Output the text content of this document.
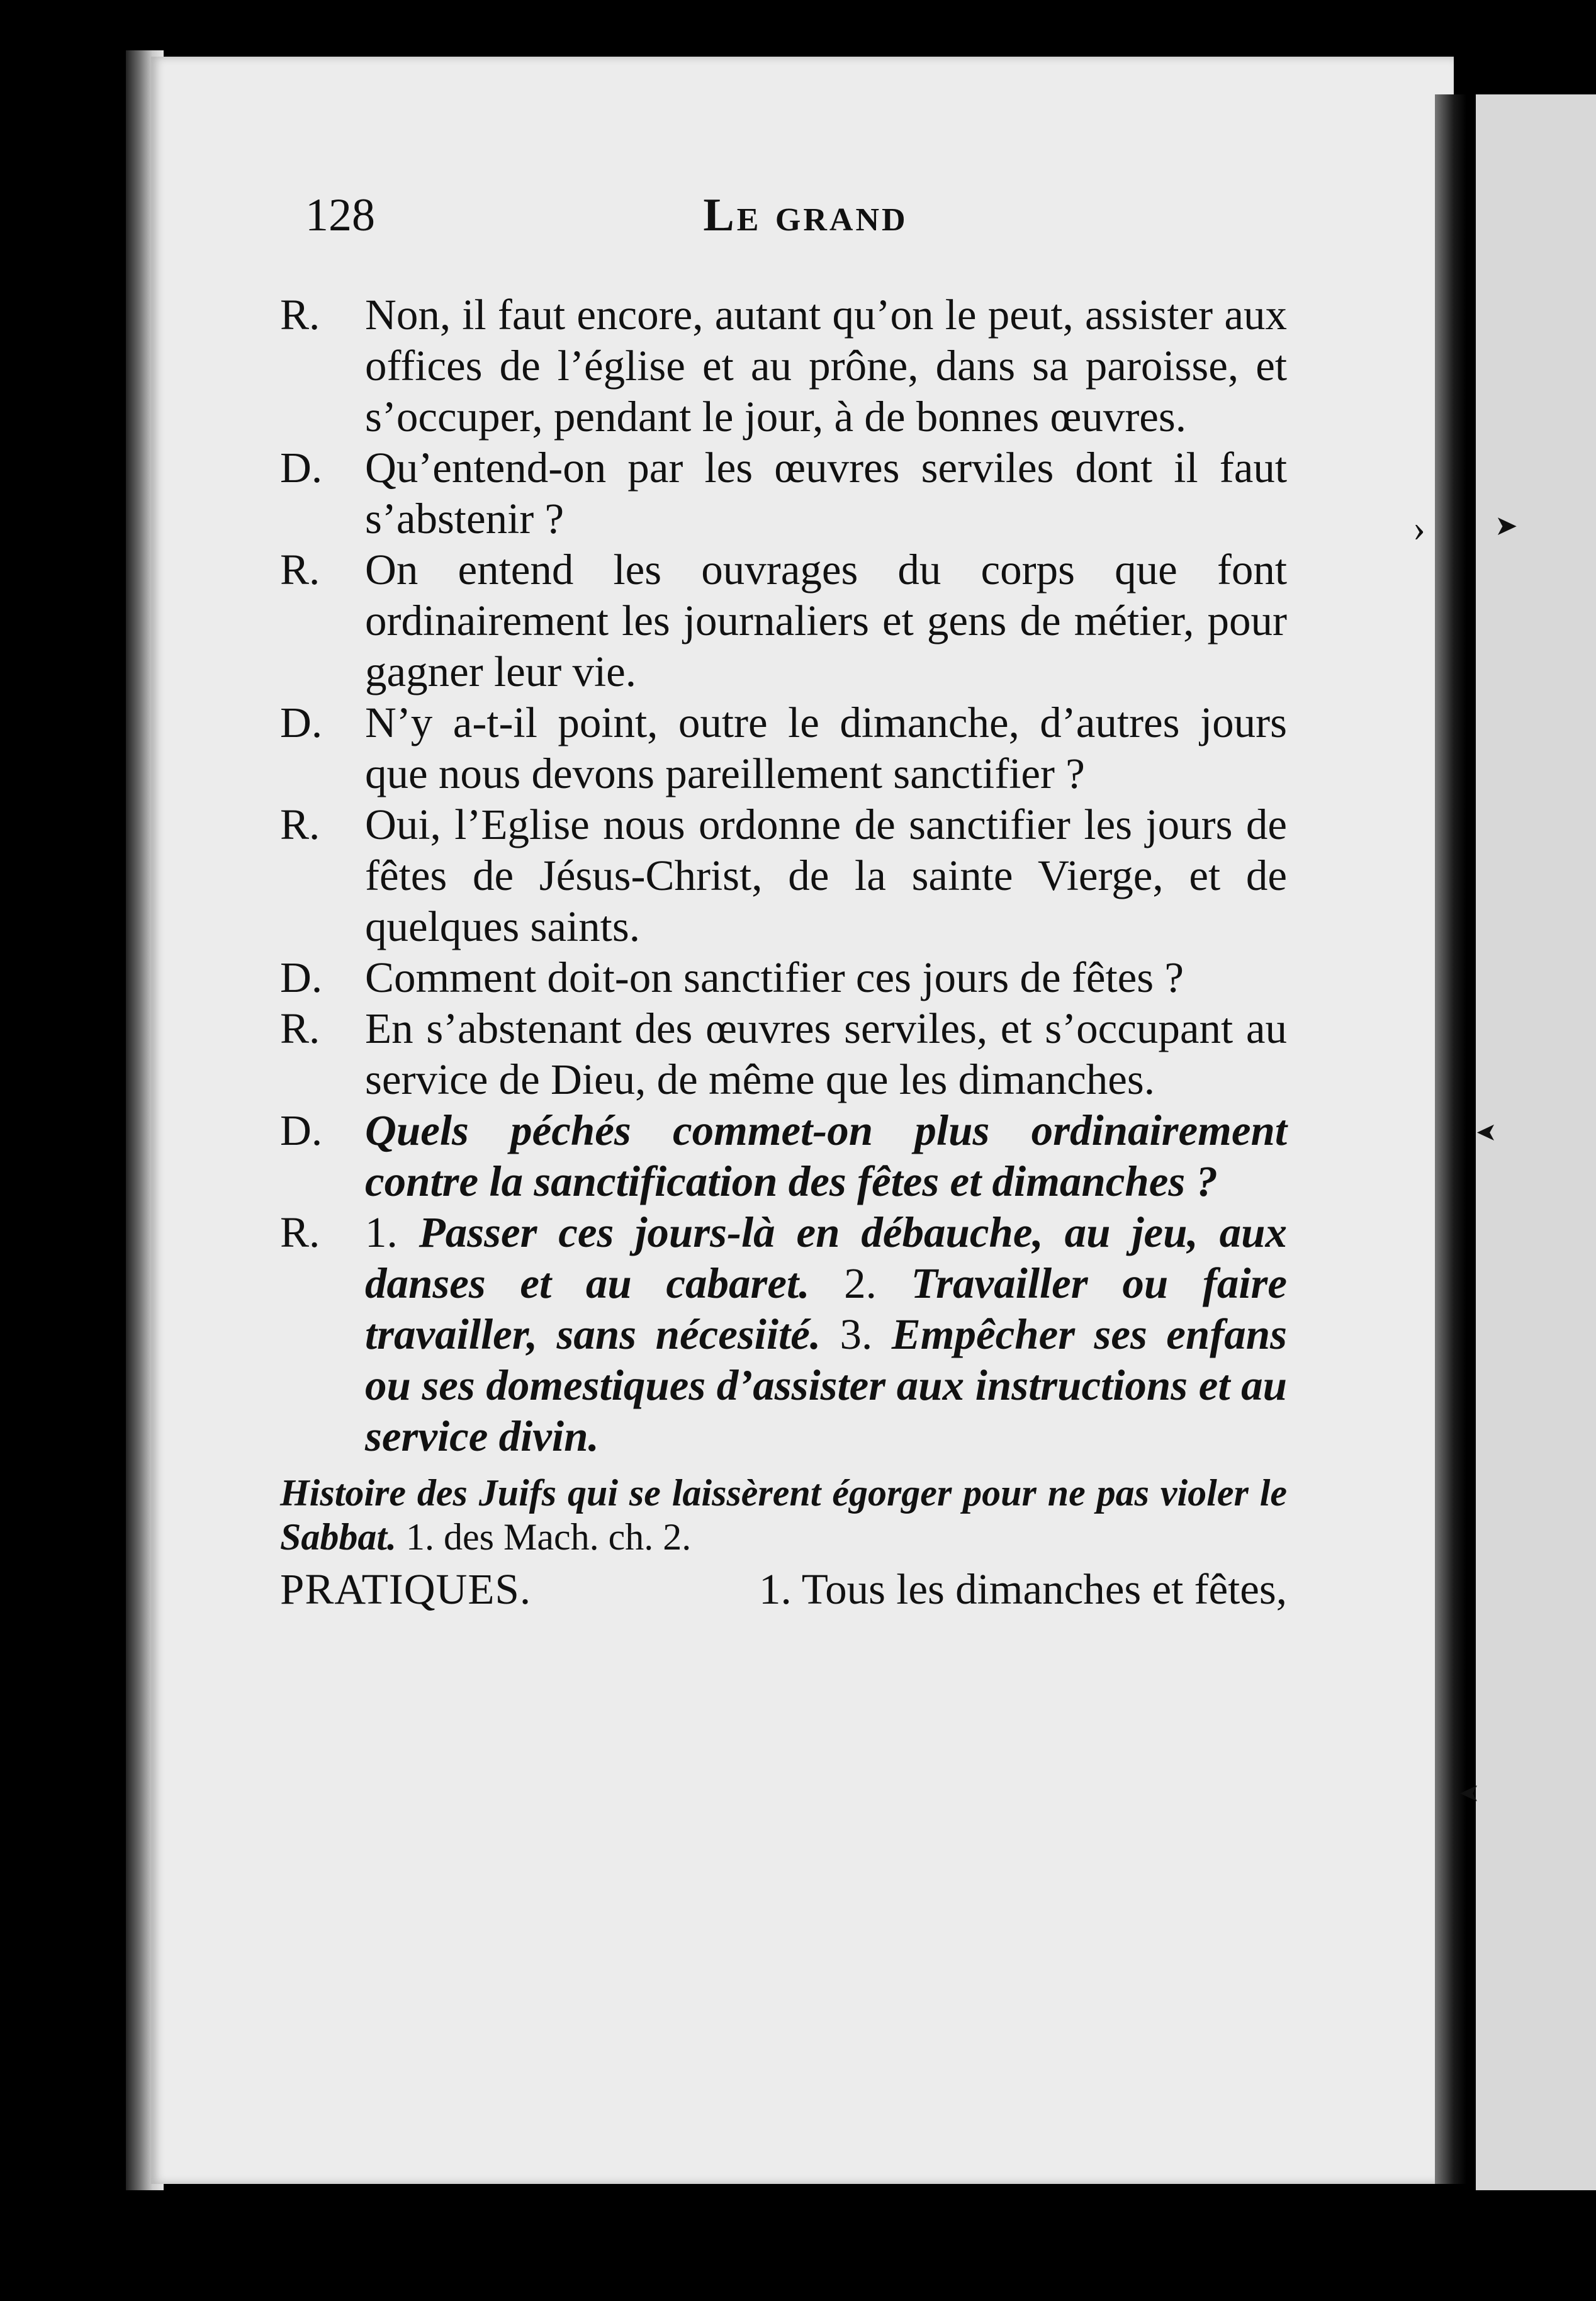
128	Le grand
R.	Non, il faut encore, autant qu’on le peut, assister aux offices de l’église et au prône, dans sa paroisse, et s’occuper, pendant le jour, à de bonnes œuvres.
D. Qu’entend-on par les œuvres serviles dont il faut s’abstenir ?
R.	On entend les ouvrages du corps que font ordinairement les journaliers et gens de métier, pour gagner leur vie.
D. N’y a-t-il point, outre le dimanche, d’autres jours que nous devons pareillement sanctifier ?
R.	Oui, l’Eglise nous ordonne de sanctifier les jours de fêtes de Jésus-Christ, de la sainte Vierge, et de quelques saints.
D. Comment doit-on sanctifier ces jours de fêtes ?
R.	En s’abstenant des œuvres serviles, et s’occupant au service de Dieu, de même que les dimanches.
D. Quels péchés commet-on plus ordinairement contre la sanctification des fêtes et dimanches ?
R.	1. Passer ces jours-là en débauche, au jeu, aux danses et au cabaret. 2. Travailler ou faire travailler, sans nécesiité. 3. Empêcher ses enfans ou ses domestiques d’assister aux instructions et au service divin.
Histoire des Juifs qui se laissèrent égorger pour ne pas violer le Sabbat. 1. des Mach. ch. 2.
PRATIQUES.	1. Tous les dimanches et fêtes,
›	➤
➤
➤
